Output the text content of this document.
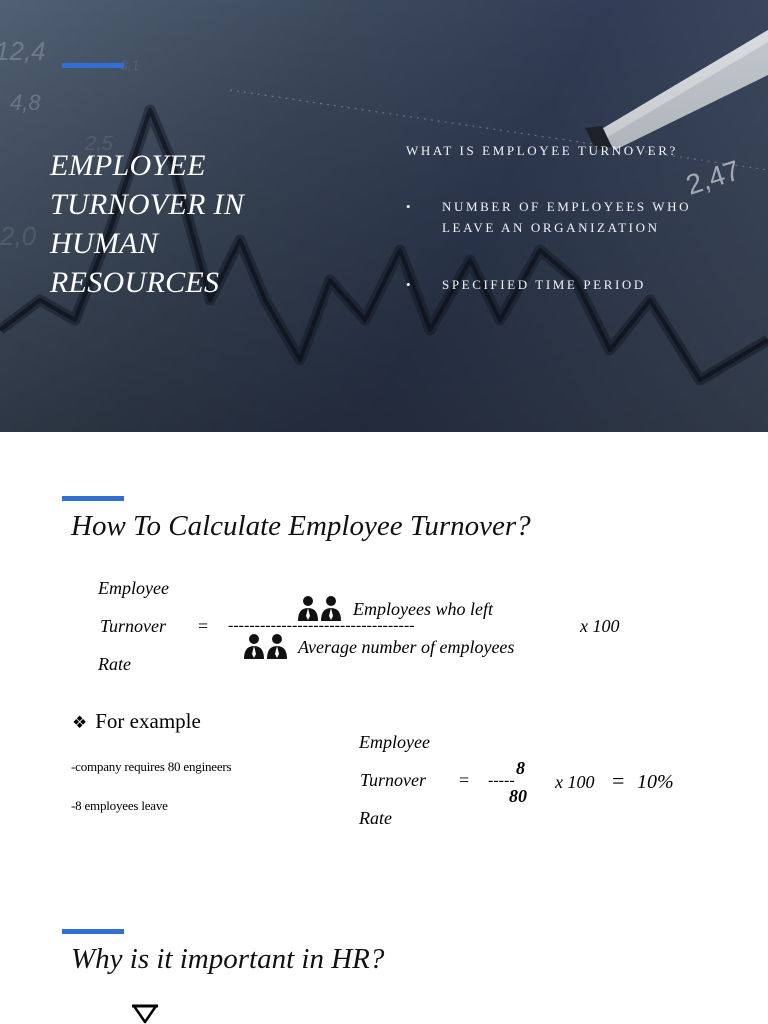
EMPLOYEE TURNOVER IN HUMAN RESOURCES
WHAT IS EMPLOYEE TURNOVER?
• NUMBER OF EMPLOYEES WHO LEAVE AN ORGANIZATION
• SPECIFIED TIME PERIOD
How To Calculate Employee Turnover?
Employee
Turnover
Rate
=
Employees who left
-----------------------------------
Average number of employees
x 100
❖ For example
-company requires 80 engineers
-8 employees leave
Employee
Turnover
Rate
= -----
8
80
x 100 = 10%
Why is it important in HR?
